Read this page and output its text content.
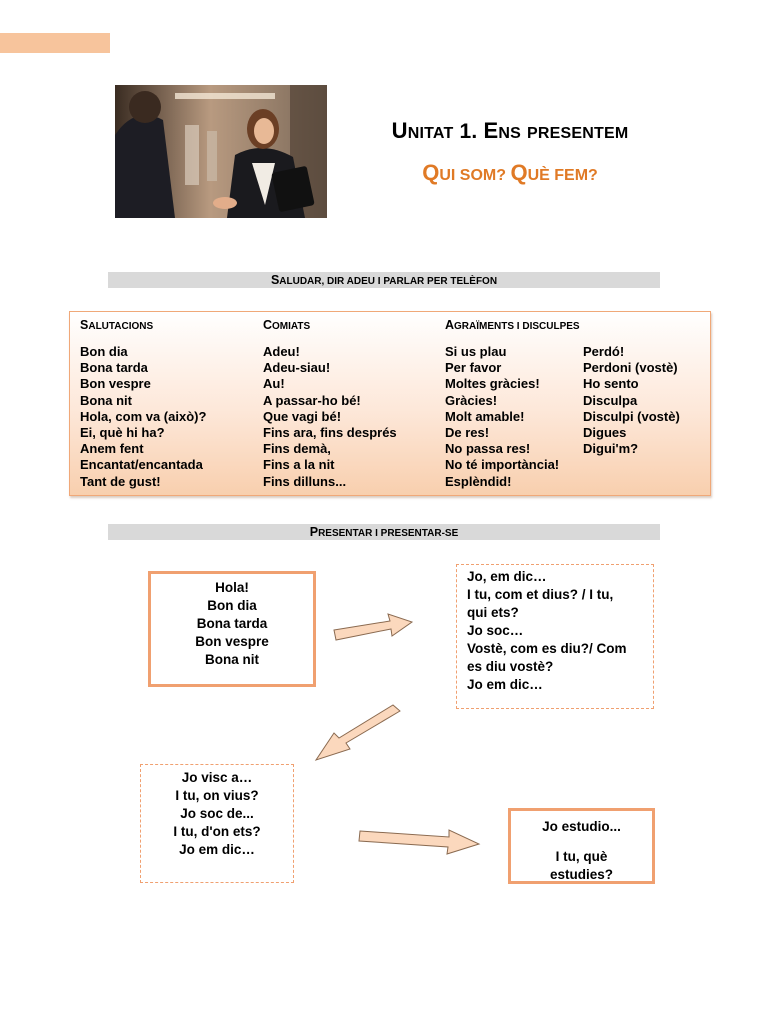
UNITAT 1. ENS PRESENTEM
QUI SOM? QUÈ FEM?
SALUDAR, DIR ADEU I PARLAR PER TELÈFON
SALUTACIONS
Bon dia
Bona tarda
Bon vespre
Bona nit
Hola, com va (això)?
Ei, què hi ha?
Anem fent
Encantat/encantada
Tant de gust!
COMIATS
Adeu!
Adeu-siau!
Au!
A passar-ho bé!
Que vagi bé!
Fins ara, fins després
Fins demà,
Fins a la nit
Fins dilluns...
AGRAÏMENTS I DISCULPES
Si us plau
Per favor
Moltes gràcies!
Gràcies!
Molt amable!
De res!
No passa res!
No té importància!
Esplèndid!
Perdó!
Perdoni (vostè)
Ho sento
Disculpa
Disculpi (vostè)
Digues
Digui'm?
PRESENTAR I PRESENTAR-SE
Hola!
Bon dia
Bona tarda
Bon vespre
Bona nit
Jo, em dic…
I tu, com et dius? / I tu,
qui ets?
Jo soc…
Vostè, com es diu?/ Com
es diu vostè?
Jo em dic…
Jo visc a…
I tu, on vius?
Jo soc de...
I tu, d'on ets?
Jo em dic…
Jo estudio...
I tu, què
estudies?
